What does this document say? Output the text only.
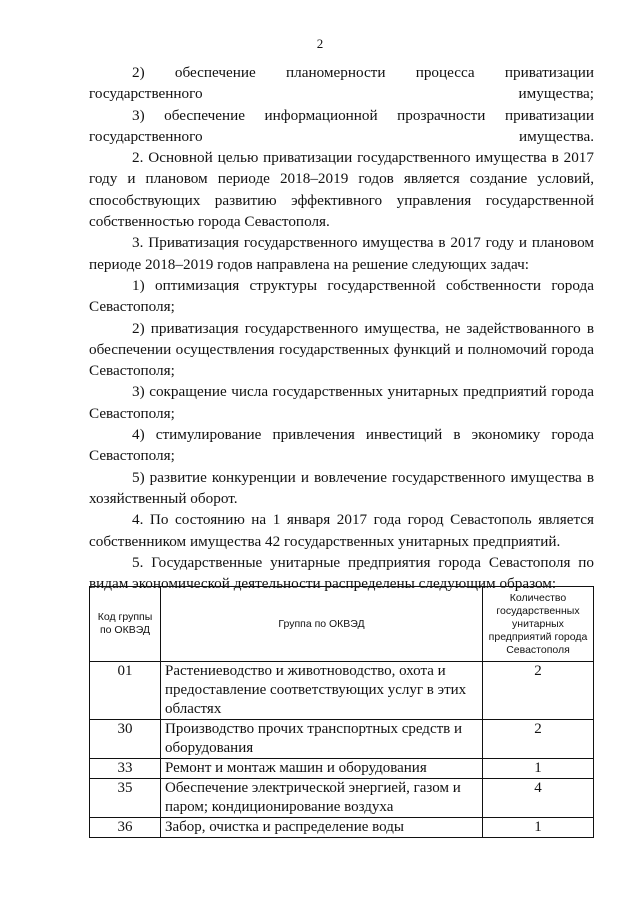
2

2) обеспечение планомерности процесса приватизации государственного имущества;

3) обеспечение информационной прозрачности приватизации государственного имущества.

2. Основной целью приватизации государственного имущества в 2017 году и плановом периоде 2018–2019 годов является создание условий, способствующих развитию эффективного управления государственной собственностью города Севастополя.

3. Приватизация государственного имущества в 2017 году и плановом периоде 2018–2019 годов направлена на решение следующих задач:

1) оптимизация структуры государственной собственности города Севастополя;

2) приватизация государственного имущества, не задействованного в обеспечении осуществления государственных функций и полномочий города Севастополя;

3) сокращение числа государственных унитарных предприятий города Севастополя;

4) стимулирование привлечения инвестиций в экономику города Севастополя;

5) развитие конкуренции и вовлечение государственного имущества в хозяйственный оборот.

4. По состоянию на 1 января 2017 года город Севастополь является собственником имущества 42 государственных унитарных предприятий.

5. Государственные унитарные предприятия города Севастополя по видам экономической деятельности распределены следующим образом:

Код группы по ОКВЭД	Группа по ОКВЭД	Количество государственных унитарных предприятий города Севастополя
01	Растениеводство и животноводство, охота и предоставление соответствующих услуг в этих областях	2
30	Производство прочих транспортных средств и оборудования	2
33	Ремонт и монтаж машин и оборудования	1
35	Обеспечение электрической энергией, газом и паром; кондиционирование воздуха	4
36	Забор, очистка и распределение воды	1
